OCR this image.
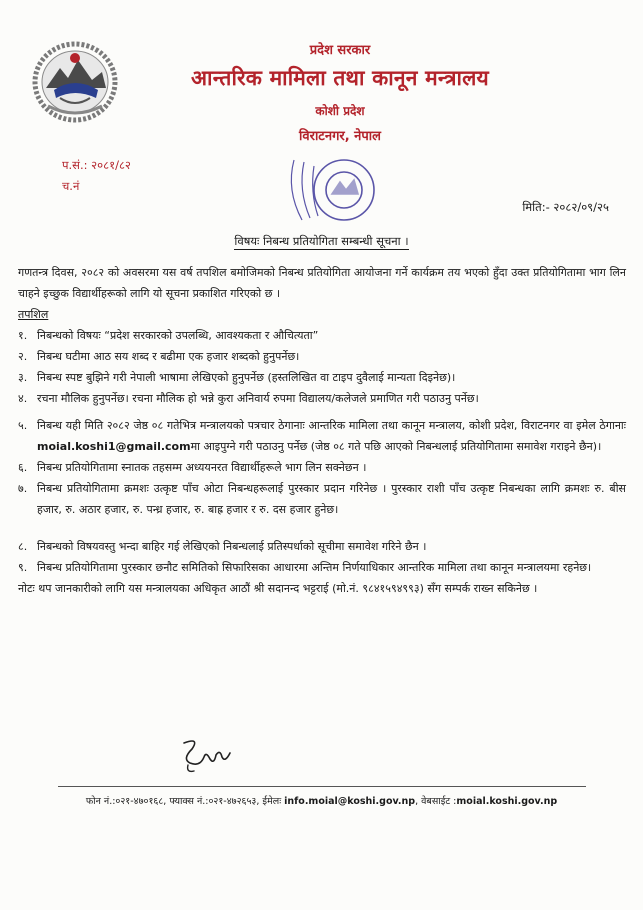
प्रदेश सरकार
आन्तरिक मामिला तथा कानून मन्त्रालय
कोशी प्रदेश
विराटनगर, नेपाल
प.सं.: २०८१/८२
च.नं
मिति:- २०८२/०९/२५
विषयः निबन्ध प्रतियोगिता सम्बन्धी सूचना ।

गणतन्त्र दिवस, २०८२ को अवसरमा यस वर्ष तपशिल बमोजिमको निबन्ध प्रतियोगिता आयोजना गर्ने कार्यक्रम तय भएको हुँदा उक्त प्रतियोगितामा भाग लिन चाहने इच्छुक विद्यार्थीहरूको लागि यो सूचना प्रकाशित गरिएको छ ।

तपशिल

१. निबन्धको विषयः “प्रदेश सरकारको उपलब्धि, आवश्यकता र औचित्यता”
२. निबन्ध घटीमा आठ सय शब्द र बढीमा एक हजार शब्दको हुनुपर्नेछ।
३. निबन्ध स्पष्ट बुझिने गरी नेपाली भाषामा लेखिएको हुनुपर्नेछ (हस्तलिखित वा टाइप दुवैलाई मान्यता दिइनेछ)।
४. रचना मौलिक हुनुपर्नेछ। रचना मौलिक हो भन्ने कुरा अनिवार्य रुपमा विद्यालय/कलेजले प्रमाणित गरी पठाउनु पर्नेछ।
५. निबन्ध यही मिति २०८२ जेष्ठ ०८ गतेभित्र मन्त्रालयको पत्रचार ठेगानाः आन्तरिक मामिला तथा कानून मन्त्रालय, कोशी प्रदेश, विराटनगर वा इमेल ठेगानाः moial.koshi1@gmail.comमा आइपुग्ने गरी पठाउनु पर्नेछ (जेष्ठ ०८ गते पछि आएको निबन्धलाई प्रतियोगितामा समावेश गराइने छैन)।
६. निबन्ध प्रतियोगितामा स्नातक तहसम्म अध्ययनरत विद्यार्थीहरूले भाग लिन सक्नेछन ।
७. निबन्ध प्रतियोगितामा क्रमशः उत्कृष्ट पाँच ओटा निबन्धहरूलाई पुरस्कार प्रदान गरिनेछ । पुरस्कार राशी पाँच उत्कृष्ट निबन्धका लागि क्रमशः रु. बीस हजार, रु. अठार हजार, रु. पन्ध्र हजार, रु. बाह्र हजार र रु. दस हजार हुनेछ।
८. निबन्धको विषयवस्तु भन्दा बाहिर गई लेखिएको निबन्धलाई प्रतिस्पर्धाको सूचीमा समावेश गरिने छैन ।
९. निबन्ध प्रतियोगितामा पुरस्कार छनौट समितिको सिफारिसका आधारमा अन्तिम निर्णयाधिकार आन्तरिक मामिला तथा कानून मन्त्रालयमा रहनेछ।

नोटः थप जानकारीको लागि यस मन्त्रालयका अधिकृत आठौं श्री सदानन्द भट्टराई (मो.नं. ९८४१५९४९९३) सँग सम्पर्क राख्न सकिनेछ ।

फोन नं.:०२१-४७०१६८, फ्याक्स नं.:०२१-४७२६५३, ईमेलः info.moial@koshi.gov.np, वेबसाईट :moial.koshi.gov.np
